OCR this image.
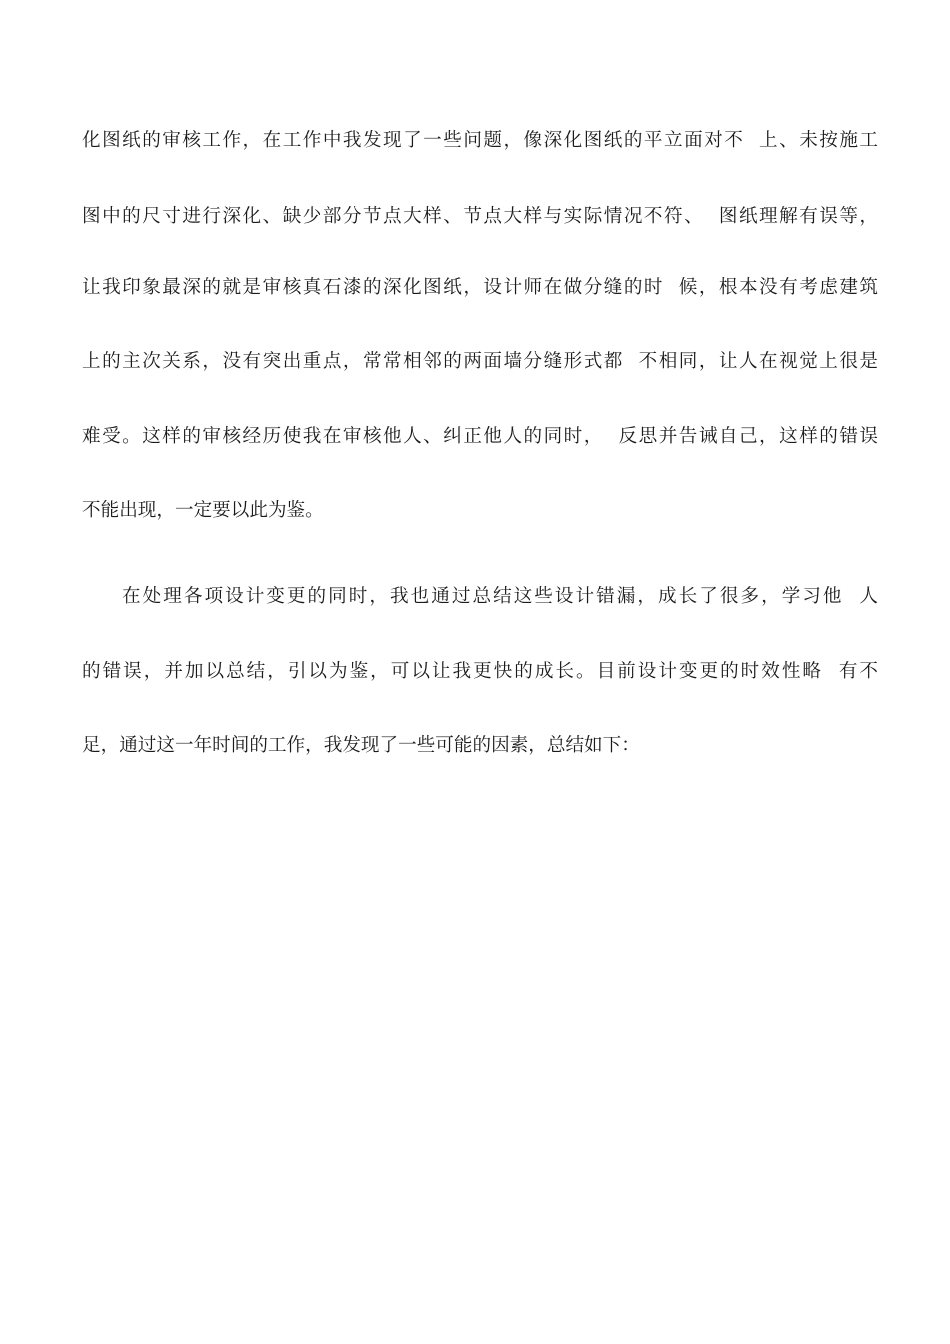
化图纸的审核工作，在工作中我发现了一些问题，像深化图纸的平立面对不  上、未按施工
图中的尺寸进行深化、缺少部分节点大样、节点大样与实际情况不符、  图纸理解有误等，
让我印象最深的就是审核真石漆的深化图纸，设计师在做分缝的时  候，根本没有考虑建筑
上的主次关系，没有突出重点，常常相邻的两面墙分缝形式都  不相同，让人在视觉上很是
难受。这样的审核经历使我在审核他人、纠正他人的同时，  反思并告诫自己，这样的错误
不能出现，一定要以此为鉴。
在处理各项设计变更的同时，我也通过总结这些设计错漏，成长了很多，学习他  人
的错误，并加以总结，引以为鉴，可以让我更快的成长。目前设计变更的时效性略  有不
足，通过这一年时间的工作，我发现了一些可能的因素，总结如下：
